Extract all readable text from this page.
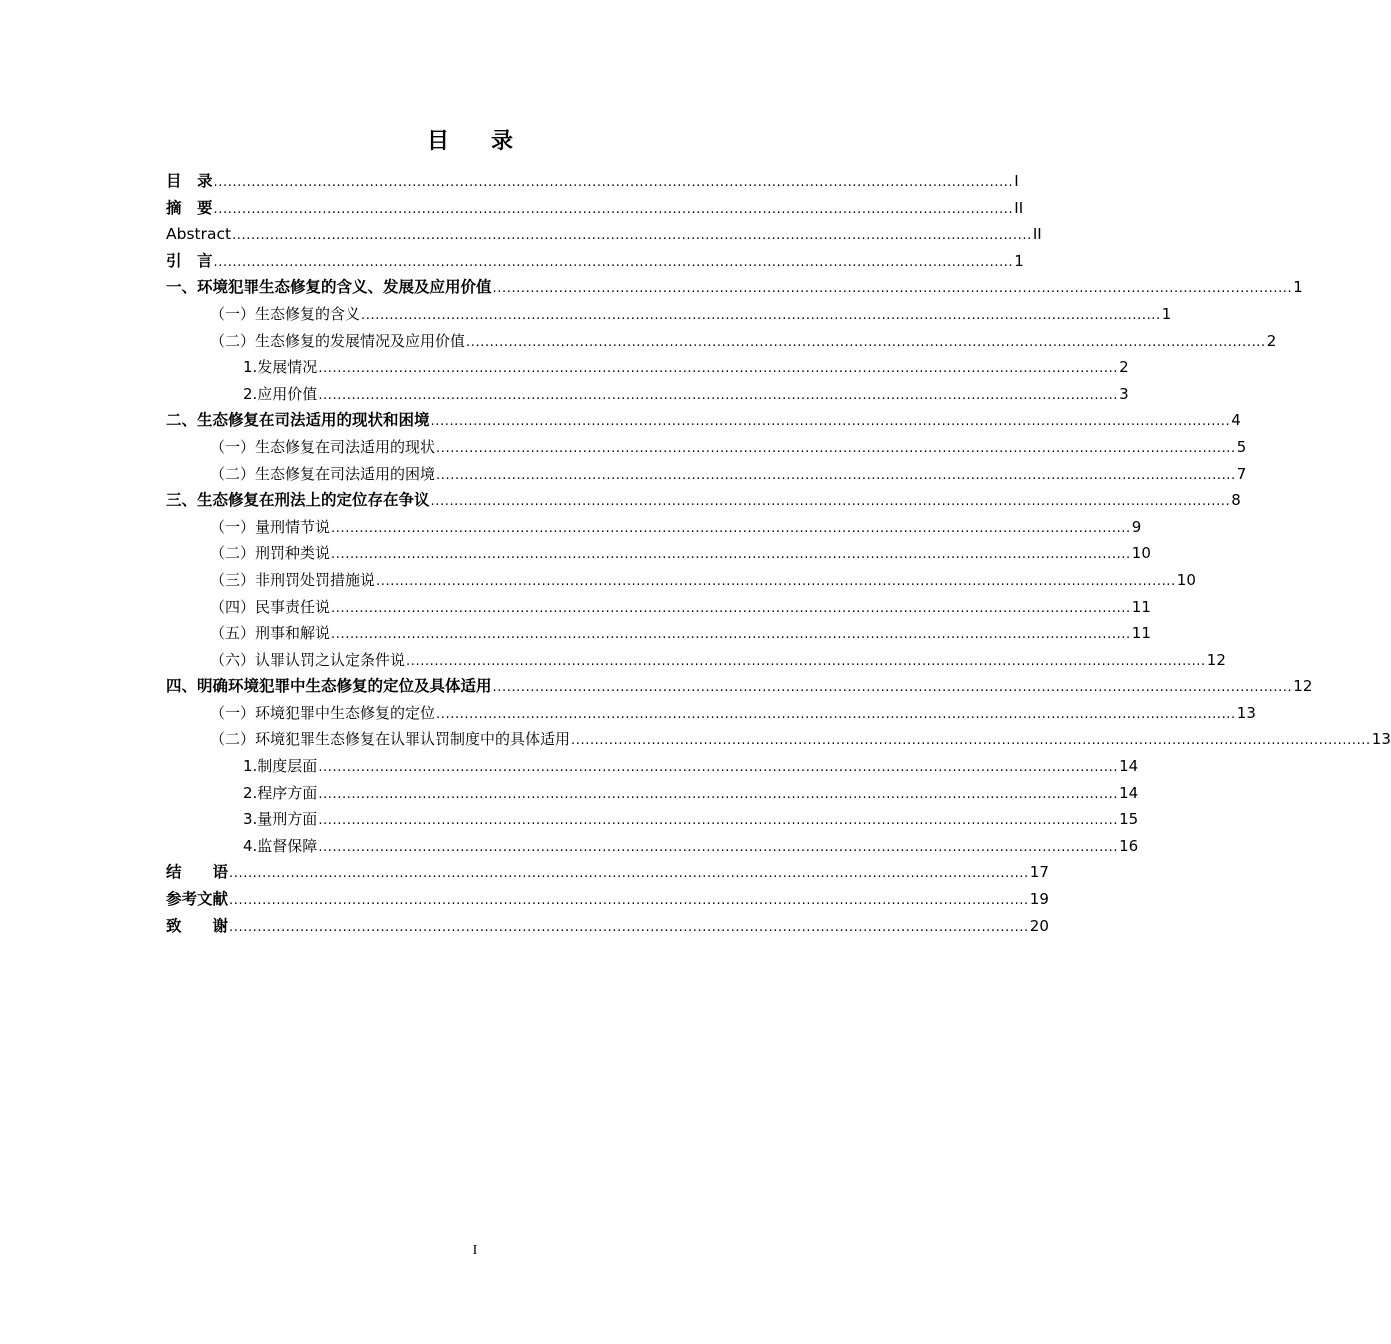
目　录
目　录 ......................................................................................................................................................................... I
摘　要 ......................................................................................................................................................................... II
Abstract ......................................................................................................................................................................... II
引　言 ......................................................................................................................................................................... 1
一、环境犯罪生态修复的含义、发展及应用价值 ......................................................................................................................................................................... 1
（一）生态修复的含义 ......................................................................................................................................................................... 1
（二）生态修复的发展情况及应用价值 ......................................................................................................................................................................... 2
1.发展情况 ......................................................................................................................................................................... 2
2.应用价值 ......................................................................................................................................................................... 3
二、生态修复在司法适用的现状和困境 ......................................................................................................................................................................... 4
（一）生态修复在司法适用的现状 ......................................................................................................................................................................... 5
（二）生态修复在司法适用的困境 ......................................................................................................................................................................... 7
三、生态修复在刑法上的定位存在争议 ......................................................................................................................................................................... 8
（一）量刑情节说 ......................................................................................................................................................................... 9
（二）刑罚种类说 ......................................................................................................................................................................... 10
（三）非刑罚处罚措施说 ......................................................................................................................................................................... 10
（四）民事责任说 ......................................................................................................................................................................... 11
（五）刑事和解说 ......................................................................................................................................................................... 11
（六）认罪认罚之认定条件说 ......................................................................................................................................................................... 12
四、明确环境犯罪中生态修复的定位及具体适用 ......................................................................................................................................................................... 12
（一）环境犯罪中生态修复的定位 ......................................................................................................................................................................... 13
（二）环境犯罪生态修复在认罪认罚制度中的具体适用 ......................................................................................................................................................................... 13
1.制度层面 ......................................................................................................................................................................... 14
2.程序方面 ......................................................................................................................................................................... 14
3.量刑方面 ......................................................................................................................................................................... 15
4.监督保障 ......................................................................................................................................................................... 16
结　　语 ......................................................................................................................................................................... 17
参考文献 ......................................................................................................................................................................... 19
致　　谢 ......................................................................................................................................................................... 20
I
